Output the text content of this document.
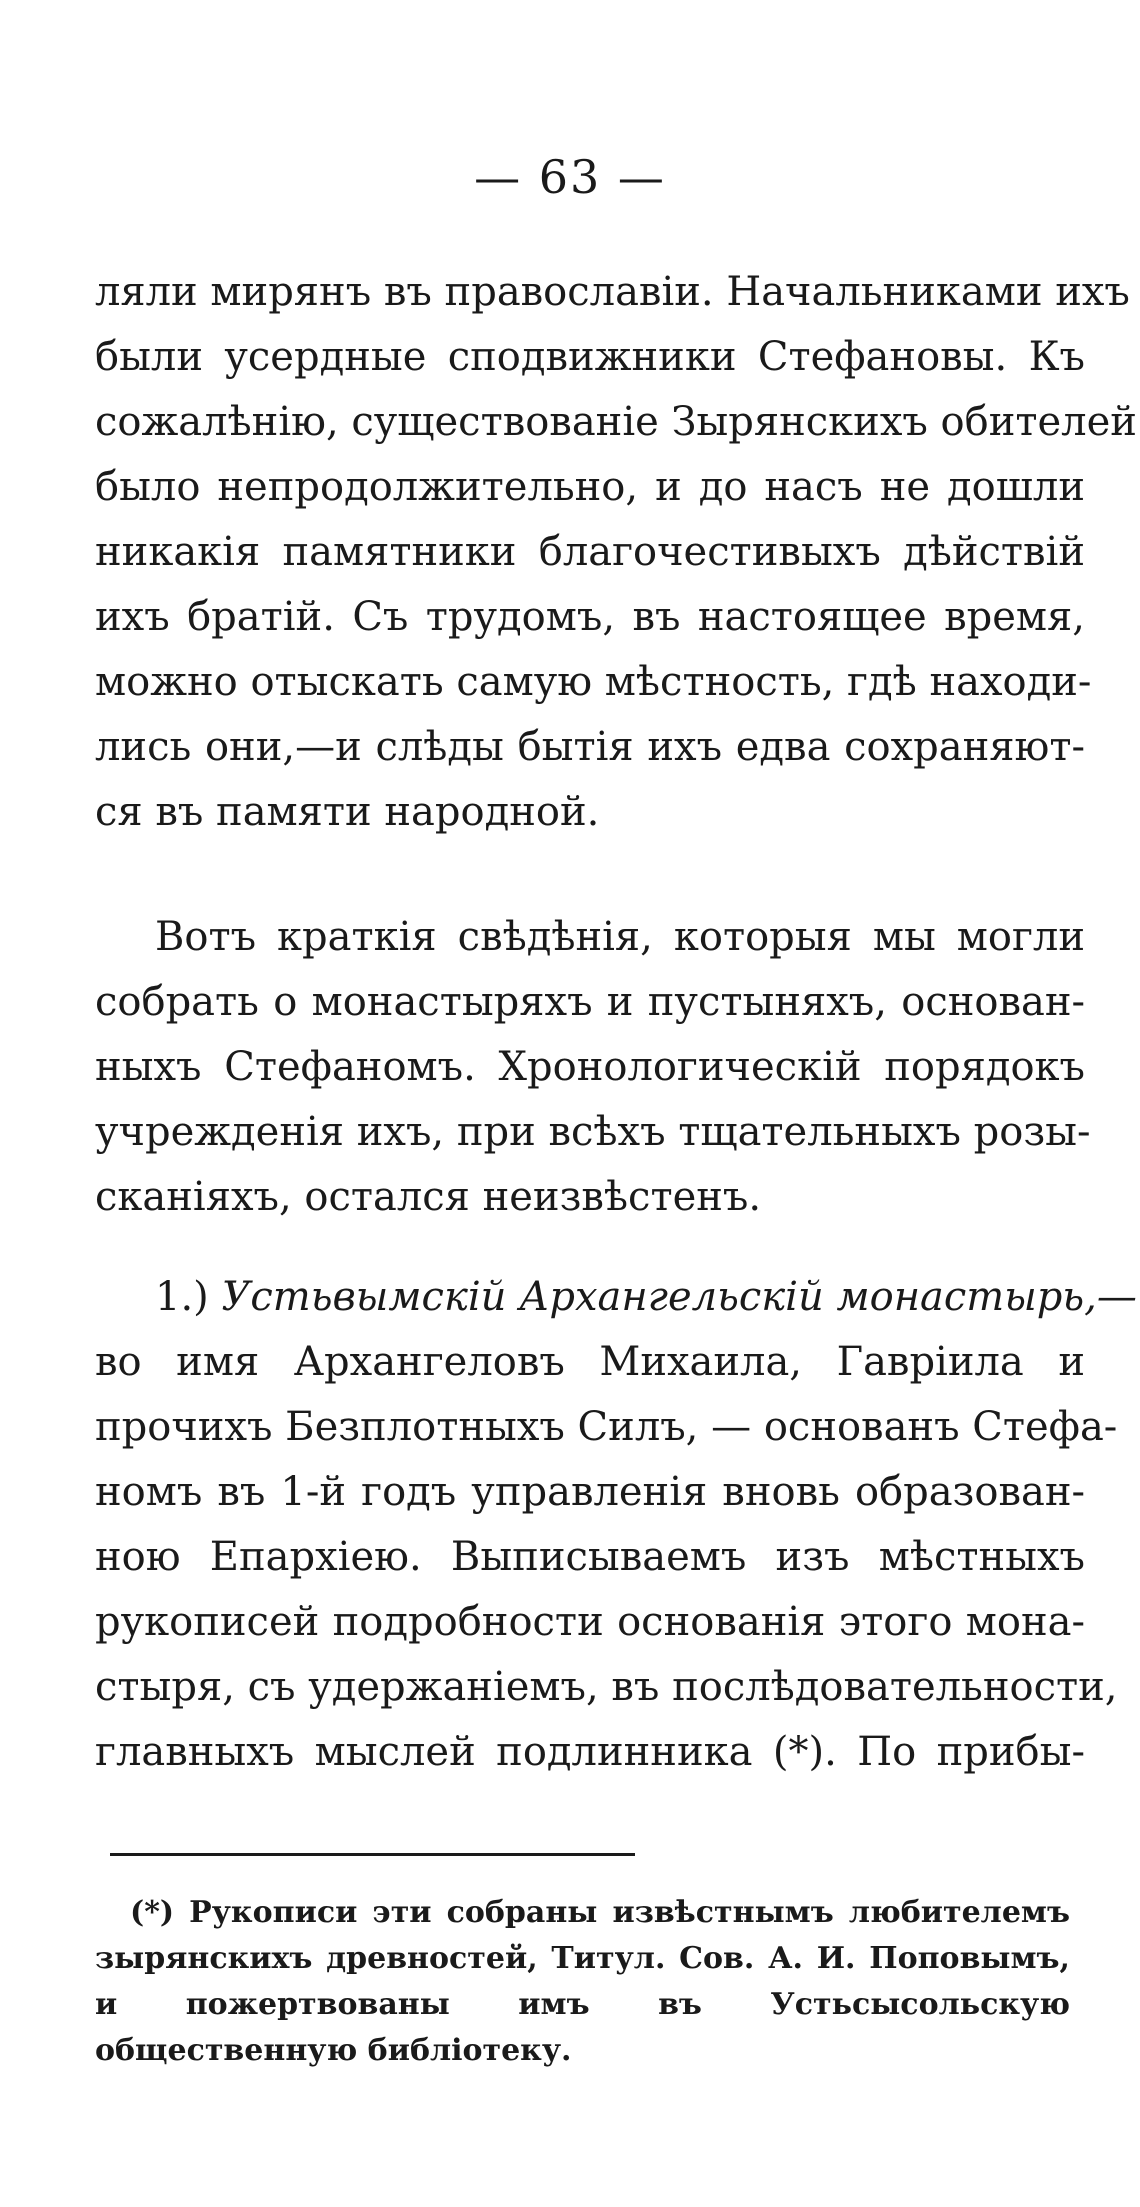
— 63 —
ляли мирянъ въ православіи. Начальниками ихъ
были усердные сподвижники Стефановы. Къ
сожалѣнію, существованіе Зырянскихъ обителей
было непродолжительно, и до насъ не дошли
никакія памятники благочестивыхъ дѣйствій
ихъ братій. Съ трудомъ, въ настоящее время,
можно отыскать самую мѣстность, гдѣ находи-
лись они,—и слѣды бытія ихъ едва сохраняют-
ся въ памяти народной.
Вотъ краткія свѣдѣнія, которыя мы могли
собрать о монастыряхъ и пустыняхъ, основан-
ныхъ Стефаномъ. Хронологическій порядокъ
учрежденія ихъ, при всѣхъ тщательныхъ розы-
сканіяхъ, остался неизвѣстенъ.
1.) Устьвымскій Архангельскій монастырь,—
во имя Архангеловъ Михаила, Гавріила и
прочихъ Безплотныхъ Силъ, — основанъ Стефа-
номъ въ 1-й годъ управленія вновь образован-
ною Епархіею. Выписываемъ изъ мѣстныхъ
рукописей подробности основанія этого мона-
стыря, съ удержаніемъ, въ послѣдовательности,
главныхъ мыслей подлинника (*). По прибы-
(*) Рукописи эти собраны извѣстнымъ любителемъ
зырянскихъ древностей, Титул. Сов. А. И. Поповымъ,
и пожертвованы имъ въ Устьсысольскую общественную библіотеку.
